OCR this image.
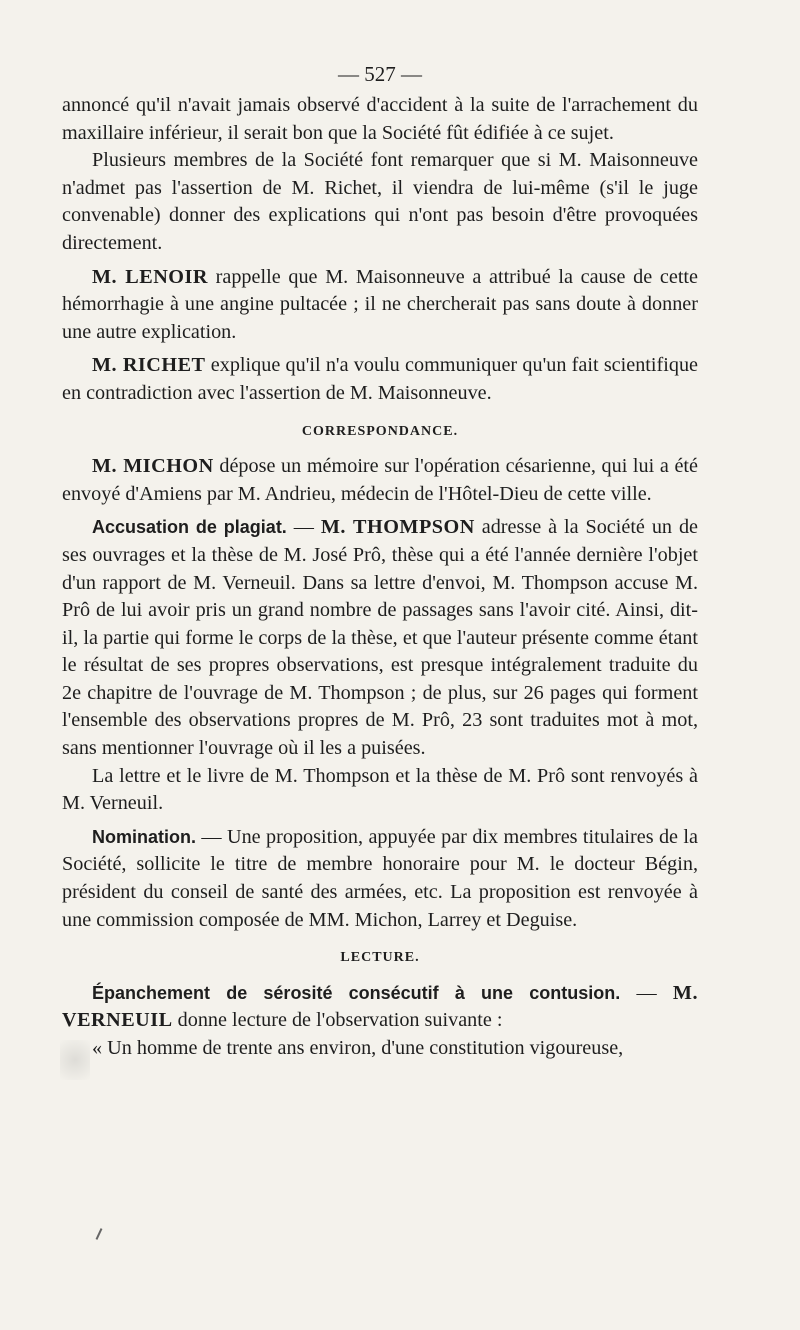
— 527 —

annoncé qu'il n'avait jamais observé d'accident à la suite de l'arrachement du maxillaire inférieur, il serait bon que la Société fût édifiée à ce sujet.

Plusieurs membres de la Société font remarquer que si M. Maisonneuve n'admet pas l'assertion de M. Richet, il viendra de lui-même (s'il le juge convenable) donner des explications qui n'ont pas besoin d'être provoquées directement.

M. LENOIR rappelle que M. Maisonneuve a attribué la cause de cette hémorrhagie à une angine pultacée ; il ne chercherait pas sans doute à donner une autre explication.

M. RICHET explique qu'il n'a voulu communiquer qu'un fait scientifique en contradiction avec l'assertion de M. Maisonneuve.

CORRESPONDANCE.

M. MICHON dépose un mémoire sur l'opération césarienne, qui lui a été envoyé d'Amiens par M. Andrieu, médecin de l'Hôtel-Dieu de cette ville.

Accusation de plagiat. — M. THOMPSON adresse à la Société un de ses ouvrages et la thèse de M. José Prô, thèse qui a été l'année dernière l'objet d'un rapport de M. Verneuil. Dans sa lettre d'envoi, M. Thompson accuse M. Prô de lui avoir pris un grand nombre de passages sans l'avoir cité. Ainsi, dit-il, la partie qui forme le corps de la thèse, et que l'auteur présente comme étant le résultat de ses propres observations, est presque intégralement traduite du 2e chapitre de l'ouvrage de M. Thompson ; de plus, sur 26 pages qui forment l'ensemble des observations propres de M. Prô, 23 sont traduites mot à mot, sans mentionner l'ouvrage où il les a puisées.

La lettre et le livre de M. Thompson et la thèse de M. Prô sont renvoyés à M. Verneuil.

Nomination. — Une proposition, appuyée par dix membres titulaires de la Société, sollicite le titre de membre honoraire pour M. le docteur Bégin, président du conseil de santé des armées, etc. La proposition est renvoyée à une commission composée de MM. Michon, Larrey et Deguise.

LECTURE.

Épanchement de sérosité consécutif à une contusion. — M. VERNEUIL donne lecture de l'observation suivante :

« Un homme de trente ans environ, d'une constitution vigoureuse,
